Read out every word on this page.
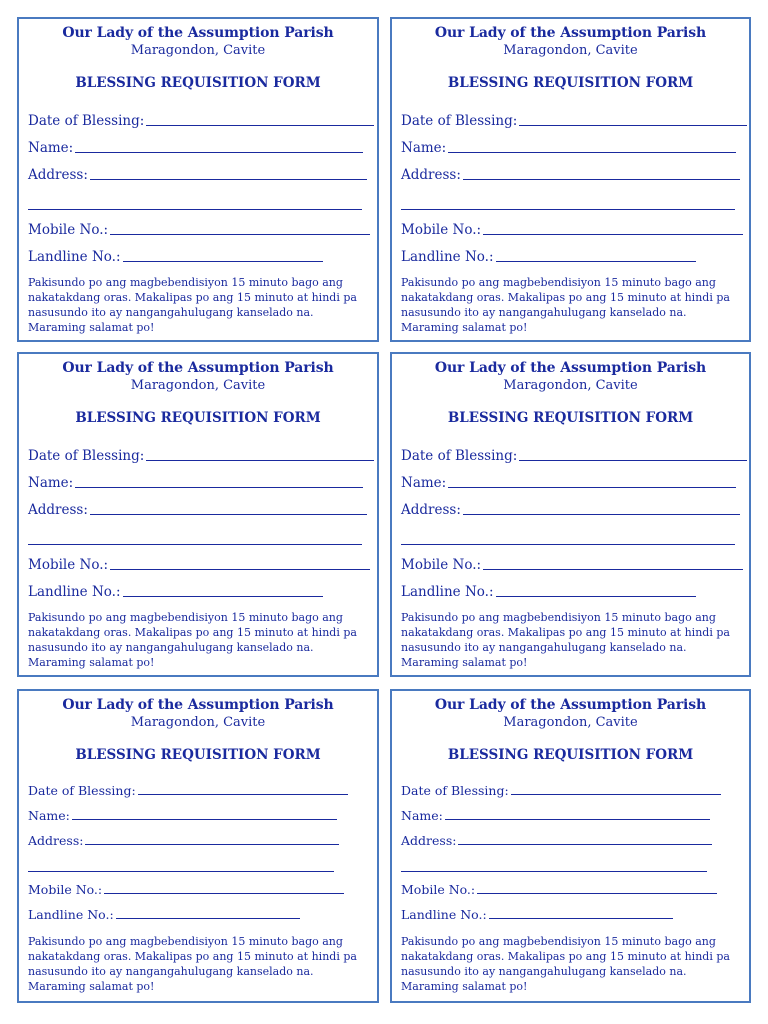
Our Lady of the Assumption Parish
Maragondon, Cavite
BLESSING REQUISITION FORM
Date of Blessing:
Name:
Address:
Mobile No.:
Landline No.:
Pakisundo po ang magbebendisiyon 15 minuto bago ang nakatakdang oras. Makalipas po ang 15 minuto at hindi pa nasusundo ito ay nangangahulugang kanselado na. Maraming salamat po!
Our Lady of the Assumption Parish
Maragondon, Cavite
BLESSING REQUISITION FORM
Date of Blessing:
Name:
Address:
Mobile No.:
Landline No.:
Pakisundo po ang magbebendisiyon 15 minuto bago ang nakatakdang oras. Makalipas po ang 15 minuto at hindi pa nasusundo ito ay nangangahulugang kanselado na. Maraming salamat po!
Our Lady of the Assumption Parish
Maragondon, Cavite
BLESSING REQUISITION FORM
Date of Blessing:
Name:
Address:
Mobile No.:
Landline No.:
Pakisundo po ang magbebendisiyon 15 minuto bago ang nakatakdang oras. Makalipas po ang 15 minuto at hindi pa nasusundo ito ay nangangahulugang kanselado na. Maraming salamat po!
Our Lady of the Assumption Parish
Maragondon, Cavite
BLESSING REQUISITION FORM
Date of Blessing:
Name:
Address:
Mobile No.:
Landline No.:
Pakisundo po ang magbebendisiyon 15 minuto bago ang nakatakdang oras. Makalipas po ang 15 minuto at hindi pa nasusundo ito ay nangangahulugang kanselado na. Maraming salamat po!
Our Lady of the Assumption Parish
Maragondon, Cavite
BLESSING REQUISITION FORM
Date of Blessing:
Name:
Address:
Mobile No.:
Landline No.:
Pakisundo po ang magbebendisiyon 15 minuto bago ang nakatakdang oras. Makalipas po ang 15 minuto at hindi pa nasusundo ito ay nangangahulugang kanselado na. Maraming salamat po!
Our Lady of the Assumption Parish
Maragondon, Cavite
BLESSING REQUISITION FORM
Date of Blessing:
Name:
Address:
Mobile No.:
Landline No.:
Pakisundo po ang magbebendisiyon 15 minuto bago ang nakatakdang oras. Makalipas po ang 15 minuto at hindi pa nasusundo ito ay nangangahulugang kanselado na. Maraming salamat po!
